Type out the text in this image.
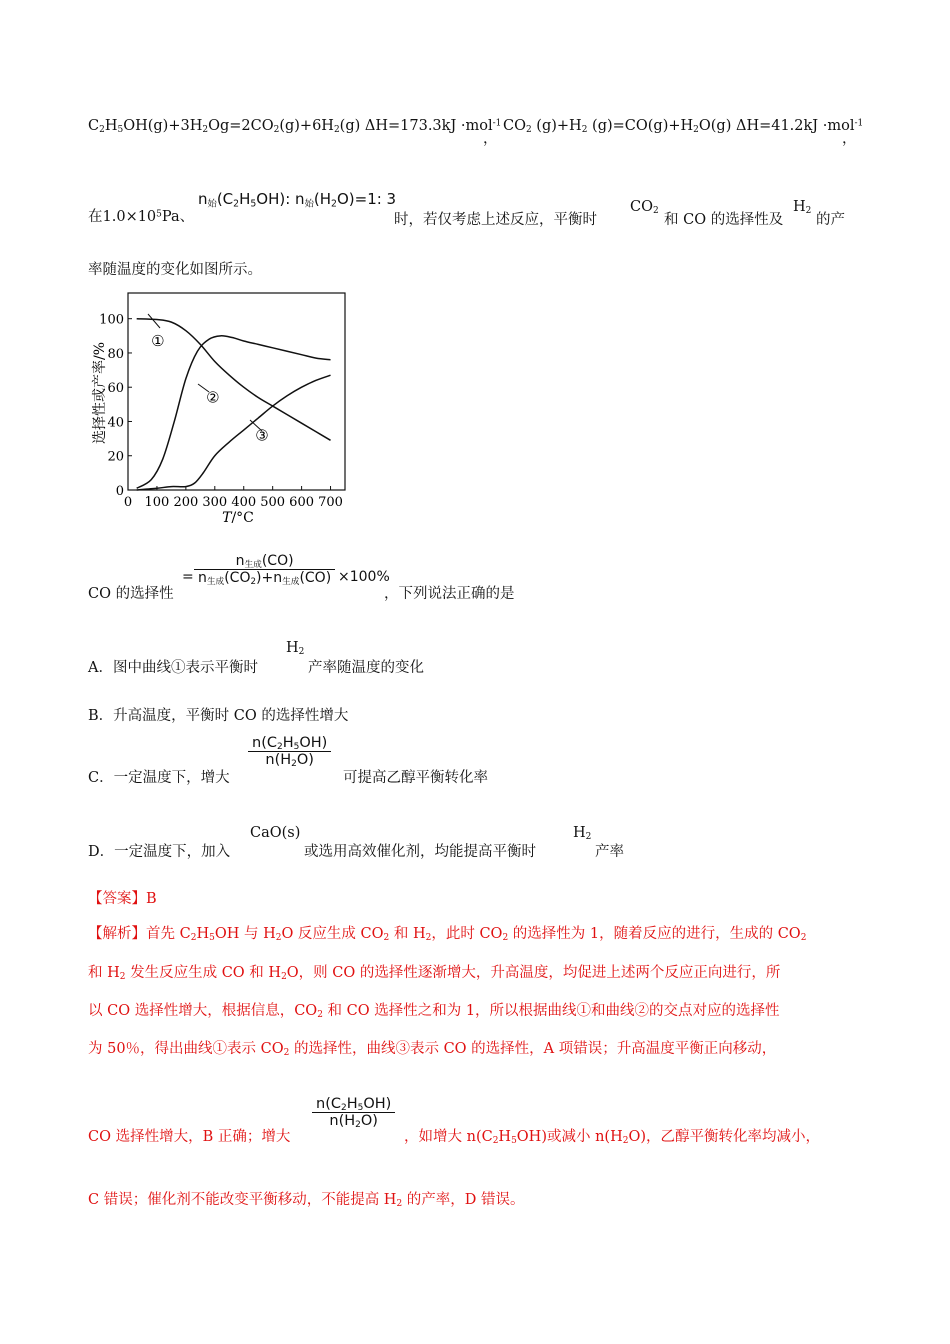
$C_2H_5OH(g)+3H_2Og=2CO_2(g)+6H_2(g)$ ΔH=173.3kJ ·mol$^{-1}$
，
$CO_2$ $(g)+H_2$ $(g)=CO(g)+H_2O(g)$ ΔH=41.2kJ ·mol$^{-1}$
，
在$1.0\times 10^5Pa$、
$n_始(C_2H_5OH)$: $n_始(H_2O)=1$: 3
时，若仅考虑上述反应，平衡时
$CO_2$
和 CO 的选择性及
$H_2$
的产
率随温度的变化如图所示。
0 100 200 300 400 500 600 700
0
20
40
60
80
100
①
②
③
选择性或产率/%
T/°C
CO 的选择性
= $\frac{n_{生成}(CO)}{n_{生成}(CO_2)+n_{生成}(CO)} \times 100\%$
，下列说法正确的是
A．图中曲线①表示平衡时
$H_2$
产率随温度的变化
B．升高温度，平衡时 CO 的选择性增大
C．一定温度下，增大
$\frac{n(C_2H_5OH)}{n(H_2O)}$
可提高乙醇平衡转化率
D．一定温度下，加入
CaO(s)
或选用高效催化剂，均能提高平衡时
$H_2$
产率
【答案】B
【解析】首先 $C_2H_5OH$ 与 $H_2O$ 反应生成 $CO_2$ 和 $H_2$，此时 $CO_2$ 的选择性为 1，随着反应的进行，生成的 $CO_2$
和 $H_2$ 发生反应生成 CO 和 $H_2O$，则 CO 的选择性逐渐增大，升高温度，均促进上述两个反应正向进行，所
以 CO 选择性增大，根据信息，$CO_2$ 和 CO 选择性之和为 1，所以根据曲线①和曲线②的交点对应的选择性
为 50％，得出曲线①表示 $CO_2$ 的选择性，曲线③表示 CO 的选择性，A 项错误；升高温度平衡正向移动，
CO 选择性增大，B 正确；增大
$\frac{n(C_2H_5OH)}{n(H_2O)}$
，如增大 $n(C_2H_5OH)$或减小 $n(H_2O)$，乙醇平衡转化率均减小，
C 错误；催化剂不能改变平衡移动，不能提高 $H_2$ 的产率，D 错误。
